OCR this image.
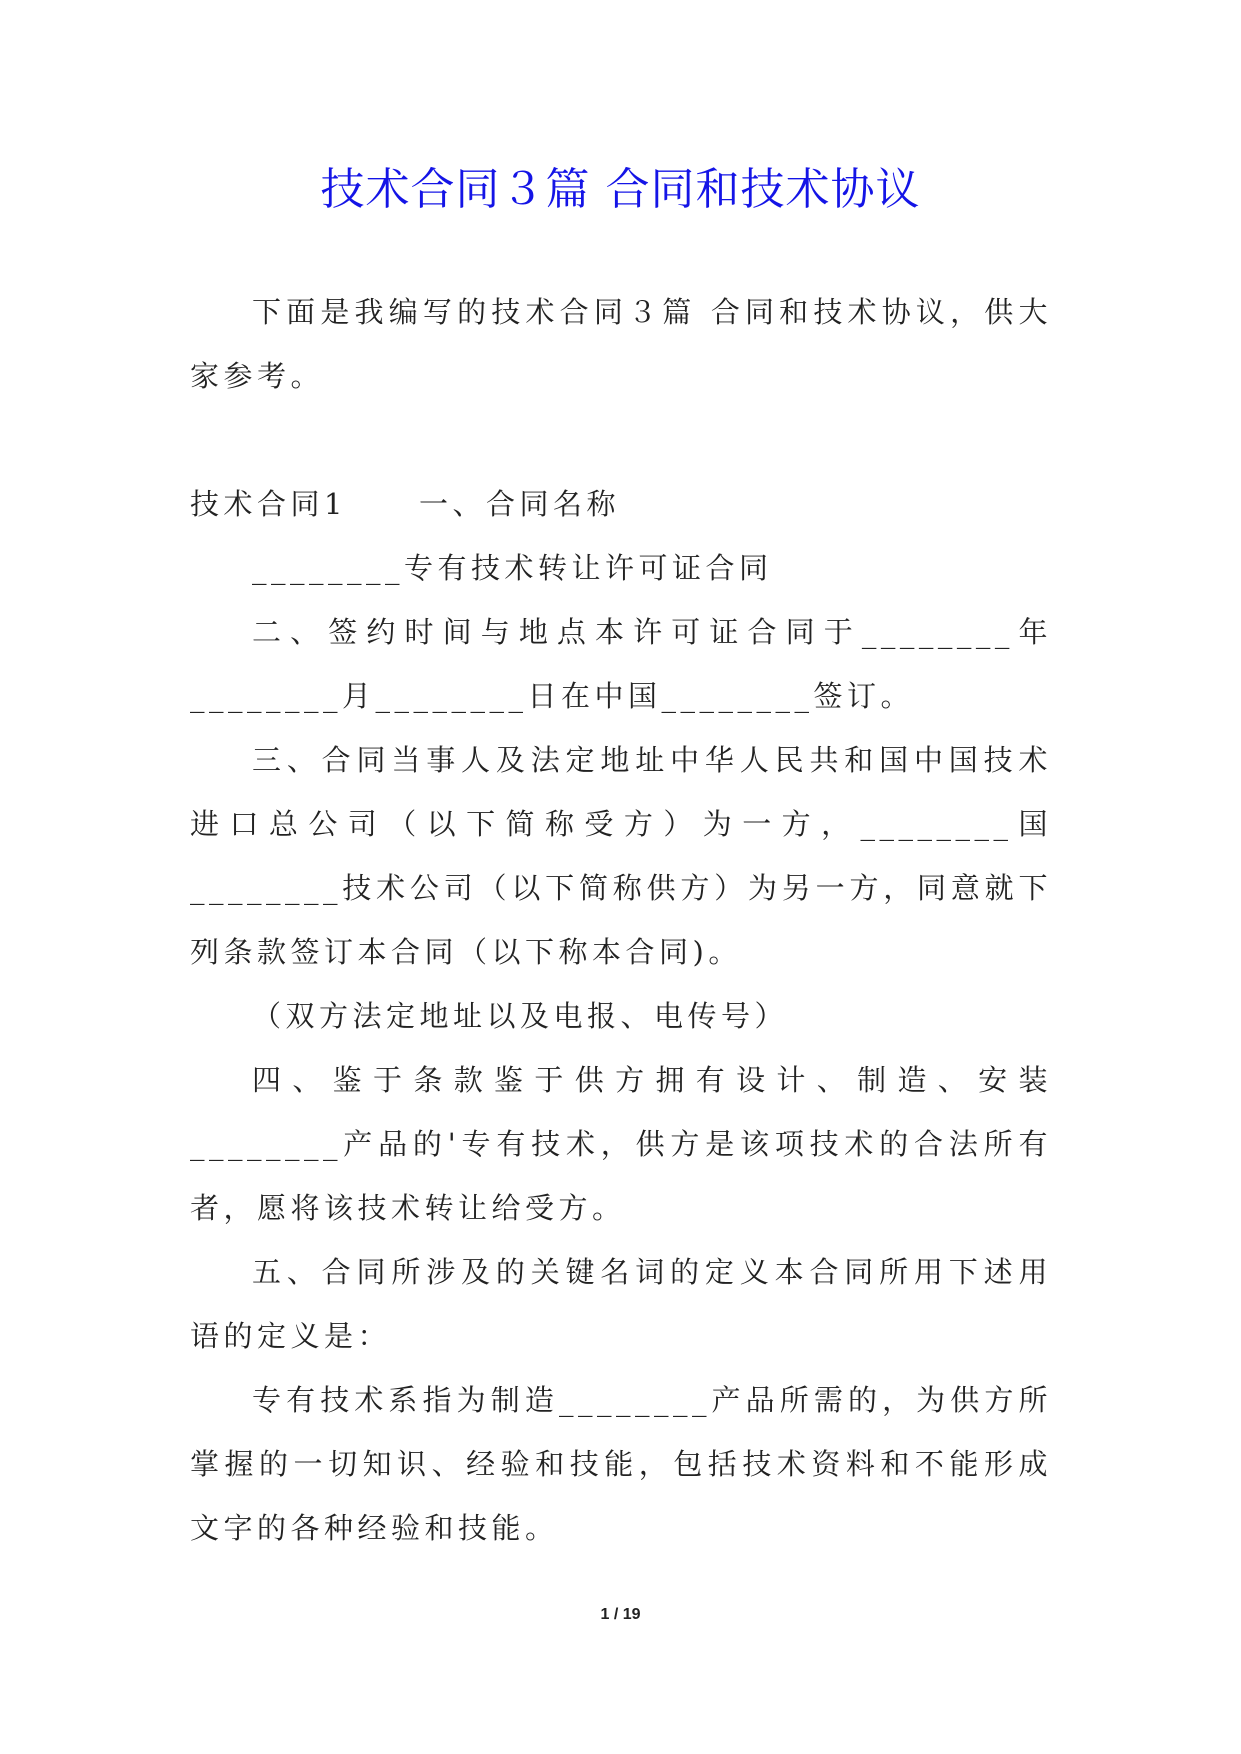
技术合同３篇 合同和技术协议

下面是我编写的技术合同３篇 合同和技术协议，供大家参考。

技术合同1 一、合同名称

________专有技术转让许可证合同

二、签约时间与地点本许可证合同于________年________月________日在中国________签订。

三、合同当事人及法定地址中华人民共和国中国技术进口总公司（以下简称受方）为一方，________国________技术公司（以下简称供方）为另一方，同意就下列条款签订本合同（以下称本合同)。

（双方法定地址以及电报、电传号）

四、鉴于条款鉴于供方拥有设计、制造、安装________产品的'专有技术，供方是该项技术的合法所有者，愿将该技术转让给受方。

五、合同所涉及的关键名词的定义本合同所用下述用语的定义是：

专有技术系指为制造________产品所需的，为供方所掌握的一切知识、经验和技能，包括技术资料和不能形成文字的各种经验和技能。

1 / 19
